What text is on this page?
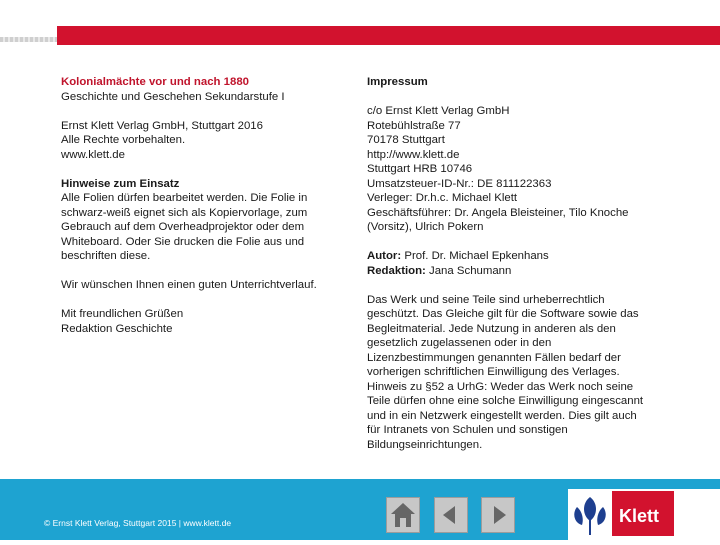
Kolonialmächte vor und nach 1880

Geschichte und Geschehen Sekundarstufe I

Ernst Klett Verlag GmbH, Stuttgart 2016

Alle Rechte vorbehalten.

www.klett.de

Hinweise zum Einsatz

Alle Folien dürfen bearbeitet werden. Die Folie in

schwarz-weiß eignet sich als Kopiervorlage, zum

Gebrauch auf dem Overheadprojektor oder dem

Whiteboard. Oder Sie drucken die Folie aus und

beschriften diese.

Wir wünschen Ihnen einen guten Unterrichtverlauf.

Mit freundlichen Grüßen

Redaktion Geschichte

Impressum

c/o Ernst Klett Verlag GmbH

Rotebühlstraße 77

70178 Stuttgart

http://www.klett.de

Stuttgart HRB 10746

Umsatzsteuer-ID-Nr.: DE 811122363

Verleger: Dr.h.c. Michael Klett

Geschäftsführer: Dr. Angela Bleisteiner, Tilo Knoche

(Vorsitz), Ulrich Pokern

Autor: Prof. Dr. Michael Epkenhans

Redaktion: Jana Schumann

Das Werk und seine Teile sind urheberrechtlich

geschützt. Das Gleiche gilt für die Software sowie das

Begleitmaterial. Jede Nutzung in anderen als den

gesetzlich zugelassenen oder in den

Lizenzbestimmungen genannten Fällen bedarf der

vorherigen schriftlichen Einwilligung des Verlages.

Hinweis zu §52 a UrhG: Weder das Werk noch seine

Teile dürfen ohne eine solche Einwilligung eingescannt

und in ein Netzwerk eingestellt werden. Dies gilt auch

für Intranets von Schulen und sonstigen

Bildungseinrichtungen.

© Ernst Klett Verlag, Stuttgart 2015 | www.klett.de	Klett
